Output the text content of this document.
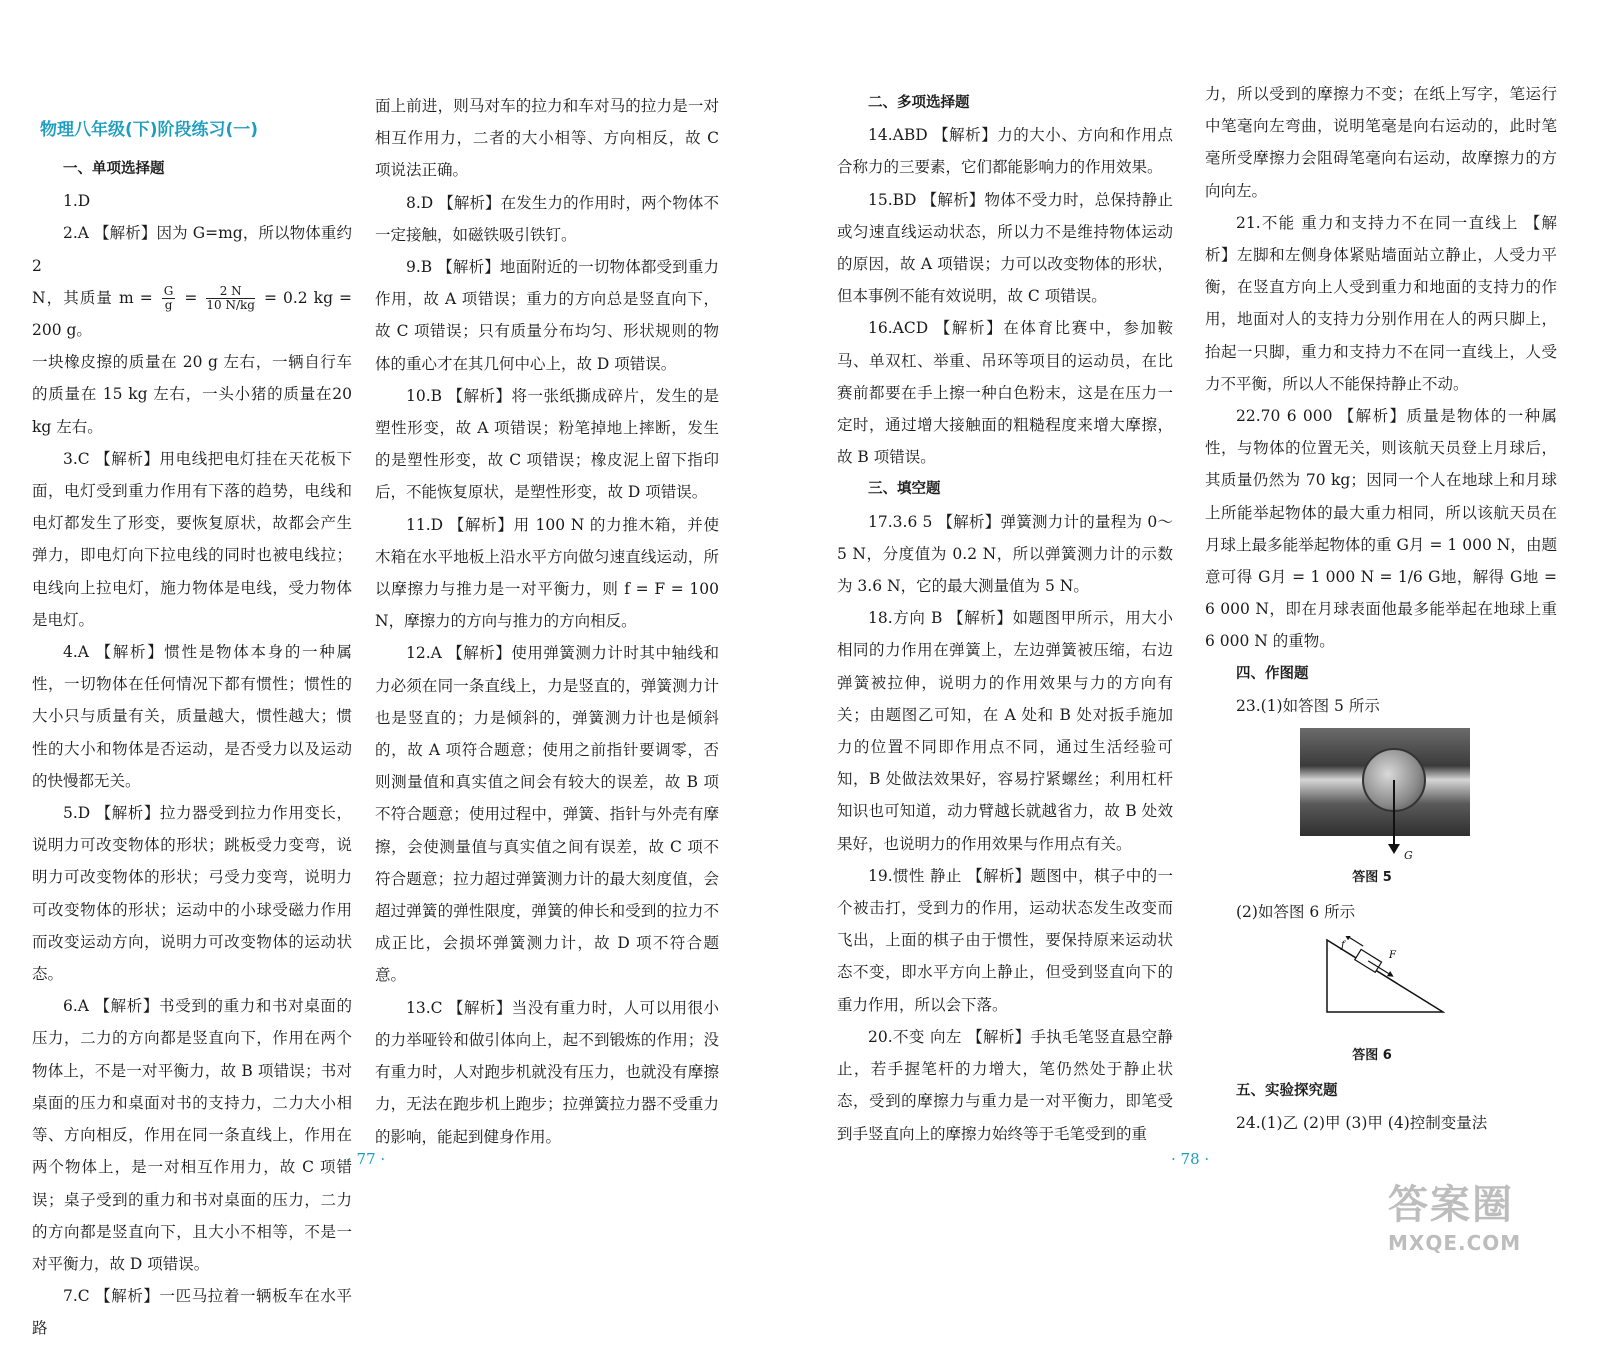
物理八年级(下)阶段练习(一)

一、单项选择题

1.D

2.A 【解析】因为 G=mg，所以物体重约 2

N，其质量 $m = \frac{G}{g} = \frac{2 N}{10 N/kg} = 0.2$ kg = 200 g。

一块橡皮擦的质量在 20 g 左右，一辆自行车的质量在 15 kg 左右，一头小猪的质量在20 kg 左右。

3.C 【解析】用电线把电灯挂在天花板下面，电灯受到重力作用有下落的趋势，电线和电灯都发生了形变，要恢复原状，故都会产生弹力，即电灯向下拉电线的同时也被电线拉；电线向上拉电灯，施力物体是电线，受力物体是电灯。

4.A 【解析】惯性是物体本身的一种属性，一切物体在任何情况下都有惯性；惯性的大小只与质量有关，质量越大，惯性越大；惯性的大小和物体是否运动，是否受力以及运动的快慢都无关。

5.D 【解析】拉力器受到拉力作用变长，说明力可改变物体的形状；跳板受力变弯，说明力可改变物体的形状；弓受力变弯，说明力可改变物体的形状；运动中的小球受磁力作用而改变运动方向，说明力可改变物体的运动状态。

6.A 【解析】书受到的重力和书对桌面的压力，二力的方向都是竖直向下，作用在两个物体上，不是一对平衡力，故 B 项错误；书对桌面的压力和桌面对书的支持力，二力大小相等、方向相反，作用在同一条直线上，作用在两个物体上，是一对相互作用力，故 C 项错误；桌子受到的重力和书对桌面的压力，二力的方向都是竖直向下，且大小不相等，不是一对平衡力，故 D 项错误。

7.C 【解析】一匹马拉着一辆板车在水平路

面上前进，则马对车的拉力和车对马的拉力是一对相互作用力，二者的大小相等、方向相反，故 C 项说法正确。

8.D 【解析】在发生力的作用时，两个物体不一定接触，如磁铁吸引铁钉。

9.B 【解析】地面附近的一切物体都受到重力作用，故 A 项错误；重力的方向总是竖直向下，故 C 项错误；只有质量分布均匀、形状规则的物体的重心才在其几何中心上，故 D 项错误。

10.B 【解析】将一张纸撕成碎片，发生的是塑性形变，故 A 项错误；粉笔掉地上摔断，发生的是塑性形变，故 C 项错误；橡皮泥上留下指印后，不能恢复原状，是塑性形变，故 D 项错误。

11.D 【解析】用 100 N 的力推木箱，并使木箱在水平地板上沿水平方向做匀速直线运动，所以摩擦力与推力是一对平衡力，则 f = F = 100 N，摩擦力的方向与推力的方向相反。

12.A 【解析】使用弹簧测力计时其中轴线和力必须在同一条直线上，力是竖直的，弹簧测力计也是竖直的；力是倾斜的，弹簧测力计也是倾斜的，故 A 项符合题意；使用之前指针要调零，否则测量值和真实值之间会有较大的误差，故 B 项不符合题意；使用过程中，弹簧、指针与外壳有摩擦，会使测量值与真实值之间有误差，故 C 项不符合题意；拉力超过弹簧测力计的最大刻度值，会超过弹簧的弹性限度，弹簧的伸长和受到的拉力不成正比，会损坏弹簧测力计，故 D 项不符合题意。

13.C 【解析】当没有重力时，人可以用很小的力举哑铃和做引体向上，起不到锻炼的作用；没有重力时，人对跑步机就没有压力，也就没有摩擦力，无法在跑步机上跑步；拉弹簧拉力器不受重力的影响，能起到健身作用。

· 77 ·

二、多项选择题

14.ABD 【解析】力的大小、方向和作用点合称力的三要素，它们都能影响力的作用效果。

15.BD 【解析】物体不受力时，总保持静止或匀速直线运动状态，所以力不是维持物体运动的原因，故 A 项错误；力可以改变物体的形状，但本事例不能有效说明，故 C 项错误。

16.ACD 【解析】在体育比赛中，参加鞍马、单双杠、举重、吊环等项目的运动员，在比赛前都要在手上擦一种白色粉末，这是在压力一定时，通过增大接触面的粗糙程度来增大摩擦，故 B 项错误。

三、填空题

17.3.6 5 【解析】弹簧测力计的量程为 0～5 N，分度值为 0.2 N，所以弹簧测力计的示数为 3.6 N，它的最大测量值为 5 N。

18.方向 B 【解析】如题图甲所示，用大小相同的力作用在弹簧上，左边弹簧被压缩，右边弹簧被拉伸，说明力的作用效果与力的方向有关；由题图乙可知，在 A 处和 B 处对扳手施加力的位置不同即作用点不同，通过生活经验可知，B 处做法效果好，容易拧紧螺丝；利用杠杆知识也可知道，动力臂越长就越省力，故 B 处效果好，也说明力的作用效果与作用点有关。

19.惯性 静止 【解析】题图中，棋子中的一个被击打，受到力的作用，运动状态发生改变而飞出，上面的棋子由于惯性，要保持原来运动状态不变，即水平方向上静止，但受到竖直向下的重力作用，所以会下落。

20.不变 向左 【解析】手执毛笔竖直悬空静止，若手握笔杆的力增大，笔仍然处于静止状态，受到的摩擦力与重力是一对平衡力，即笔受到手竖直向上的摩擦力始终等于毛笔受到的重

力，所以受到的摩擦力不变；在纸上写字，笔运行中笔毫向左弯曲，说明笔毫是向右运动的，此时笔毫所受摩擦力会阻碍笔毫向右运动，故摩擦力的方向向左。

21.不能 重力和支持力不在同一直线上 【解析】左脚和左侧身体紧贴墙面站立静止，人受力平衡，在竖直方向上人受到重力和地面的支持力的作用，地面对人的支持力分别作用在人的两只脚上，抬起一只脚，重力和支持力不在同一直线上，人受力不平衡，所以人不能保持静止不动。

22.70 6 000 【解析】质量是物体的一种属性，与物体的位置无关，则该航天员登上月球后，其质量仍然为 70 kg；因同一个人在地球上和月球上所能举起物体的最大重力相同，所以该航天员在月球上最多能举起物体的重 G月 = 1 000 N，由题意可得 G月 = 1 000 N = 1/6 G地，解得 G地 = 6 000 N，即在月球表面他最多能举起在地球上重 6 000 N 的重物。

四、作图题

23.(1)如答图 5 所示

G
答图 5

(2)如答图 6 所示

f
F
答图 6

五、实验探究题

24.(1)乙 (2)甲 (3)甲 (4)控制变量法

· 78 ·
答案圈
MXQE.COM
